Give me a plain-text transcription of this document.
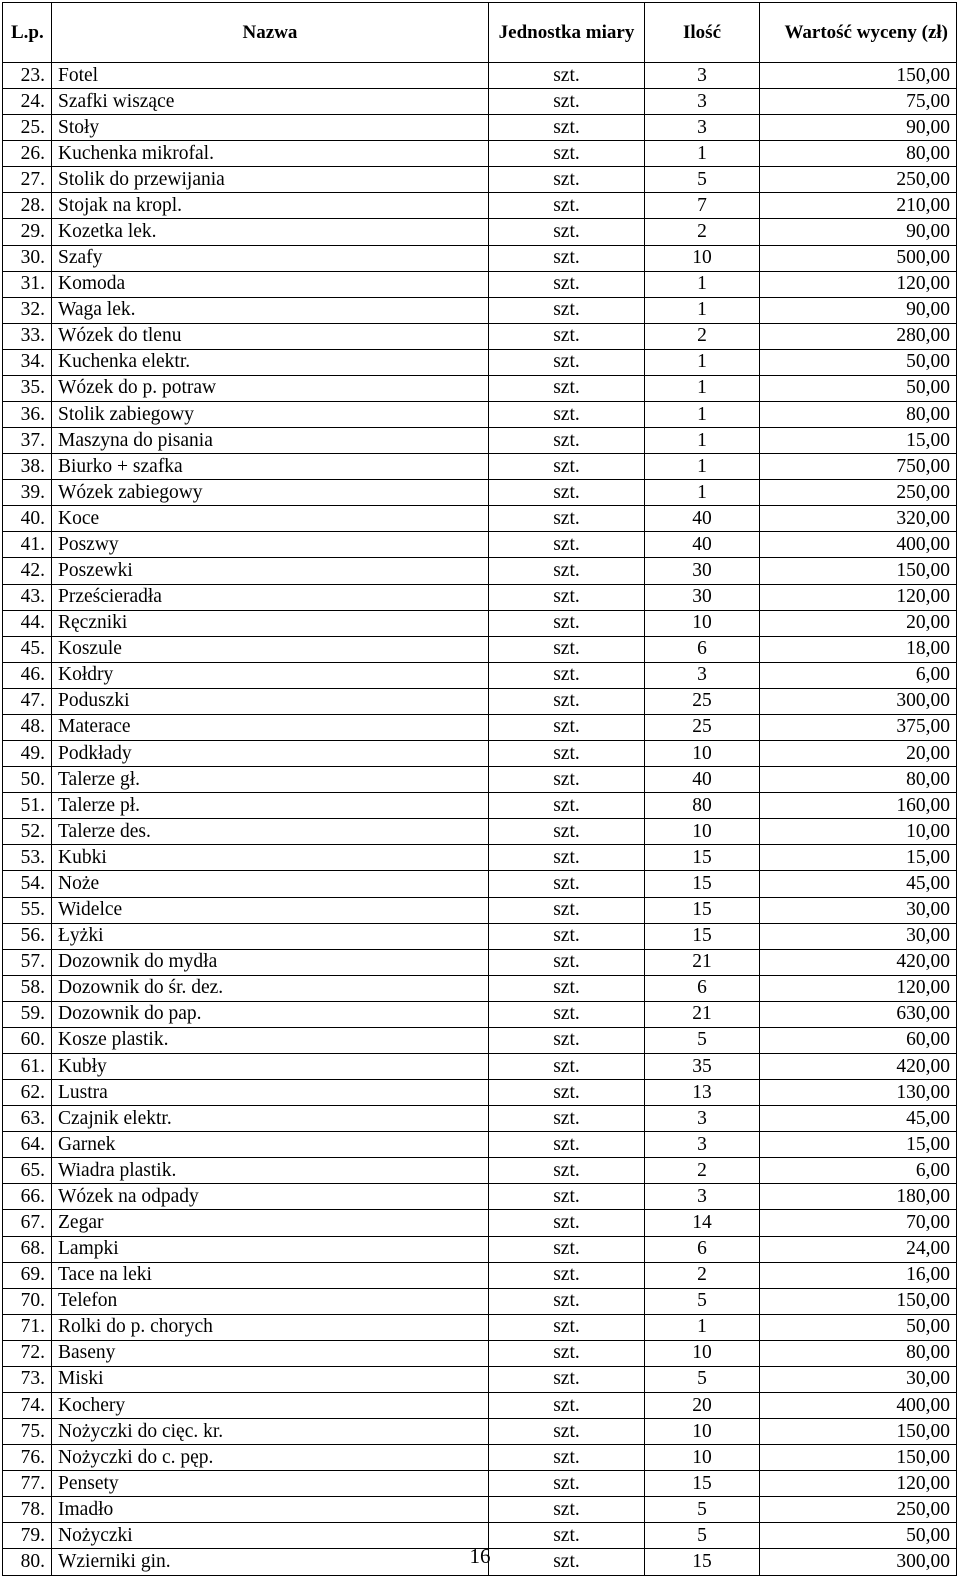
L.p.	Nazwa	Jednostka miary	Ilość	Wartość wyceny (zł)
23.	Fotel	szt.	3	150,00
24.	Szafki wiszące	szt.	3	75,00
25.	Stoły	szt.	3	90,00
26.	Kuchenka mikrofal.	szt.	1	80,00
27.	Stolik do przewijania	szt.	5	250,00
28.	Stojak na kropl.	szt.	7	210,00
29.	Kozetka lek.	szt.	2	90,00
30.	Szafy	szt.	10	500,00
31.	Komoda	szt.	1	120,00
32.	Waga lek.	szt.	1	90,00
33.	Wózek do tlenu	szt.	2	280,00
34.	Kuchenka elektr.	szt.	1	50,00
35.	Wózek do p. potraw	szt.	1	50,00
36.	Stolik zabiegowy	szt.	1	80,00
37.	Maszyna do pisania	szt.	1	15,00
38.	Biurko + szafka	szt.	1	750,00
39.	Wózek zabiegowy	szt.	1	250,00
40.	Koce	szt.	40	320,00
41.	Poszwy	szt.	40	400,00
42.	Poszewki	szt.	30	150,00
43.	Prześcieradła	szt.	30	120,00
44.	Ręczniki	szt.	10	20,00
45.	Koszule	szt.	6	18,00
46.	Kołdry	szt.	3	6,00
47.	Poduszki	szt.	25	300,00
48.	Materace	szt.	25	375,00
49.	Podkłady	szt.	10	20,00
50.	Talerze gł.	szt.	40	80,00
51.	Talerze pł.	szt.	80	160,00
52.	Talerze des.	szt.	10	10,00
53.	Kubki	szt.	15	15,00
54.	Noże	szt.	15	45,00
55.	Widelce	szt.	15	30,00
56.	Łyżki	szt.	15	30,00
57.	Dozownik do mydła	szt.	21	420,00
58.	Dozownik do śr. dez.	szt.	6	120,00
59.	Dozownik do pap.	szt.	21	630,00
60.	Kosze plastik.	szt.	5	60,00
61.	Kubły	szt.	35	420,00
62.	Lustra	szt.	13	130,00
63.	Czajnik elektr.	szt.	3	45,00
64.	Garnek	szt.	3	15,00
65.	Wiadra plastik.	szt.	2	6,00
66.	Wózek na odpady	szt.	3	180,00
67.	Zegar	szt.	14	70,00
68.	Lampki	szt.	6	24,00
69.	Tace na leki	szt.	2	16,00
70.	Telefon	szt.	5	150,00
71.	Rolki do p. chorych	szt.	1	50,00
72.	Baseny	szt.	10	80,00
73.	Miski	szt.	5	30,00
74.	Kochery	szt.	20	400,00
75.	Nożyczki do cięc. kr.	szt.	10	150,00
76.	Nożyczki do c. pęp.	szt.	10	150,00
77.	Pensety	szt.	15	120,00
78.	Imadło	szt.	5	250,00
79.	Nożyczki	szt.	5	50,00
80.	Wzierniki gin.	szt.	15	300,00
16
